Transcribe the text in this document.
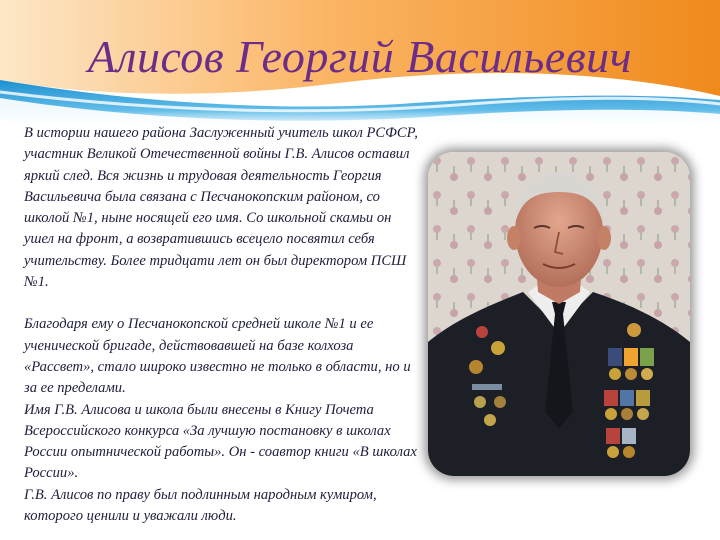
Алисов Георгий Васильевич

В истории нашего района Заслуженный учитель школ РСФСР, участник Великой Отечественной войны Г.В. Алисов оставил яркий след. Вся жизнь и трудовая деятельность Георгия Васильевича была связана с Песчанокопским районом, со школой №1, ныне носящей его имя. Со школьной скамьи он ушел на фронт, а возвратившись всецело посвятил себя учительству. Более тридцати лет он был директором ПСШ №1.

Благодаря ему о Песчанокопской средней школе №1 и ее ученической бригаде, действовавшей на базе колхоза «Рассвет», стало широко известно не только в области, но и за ее пределами.

Имя Г.В. Алисова и школа были внесены в Книгу Почета Всероссийского конкурса «За лучшую постановку в школах России опытнической работы». Он - соавтор книги «В школах России».

Г.В. Алисов по праву был подлинным народным кумиром, которого ценили и уважали люди.
